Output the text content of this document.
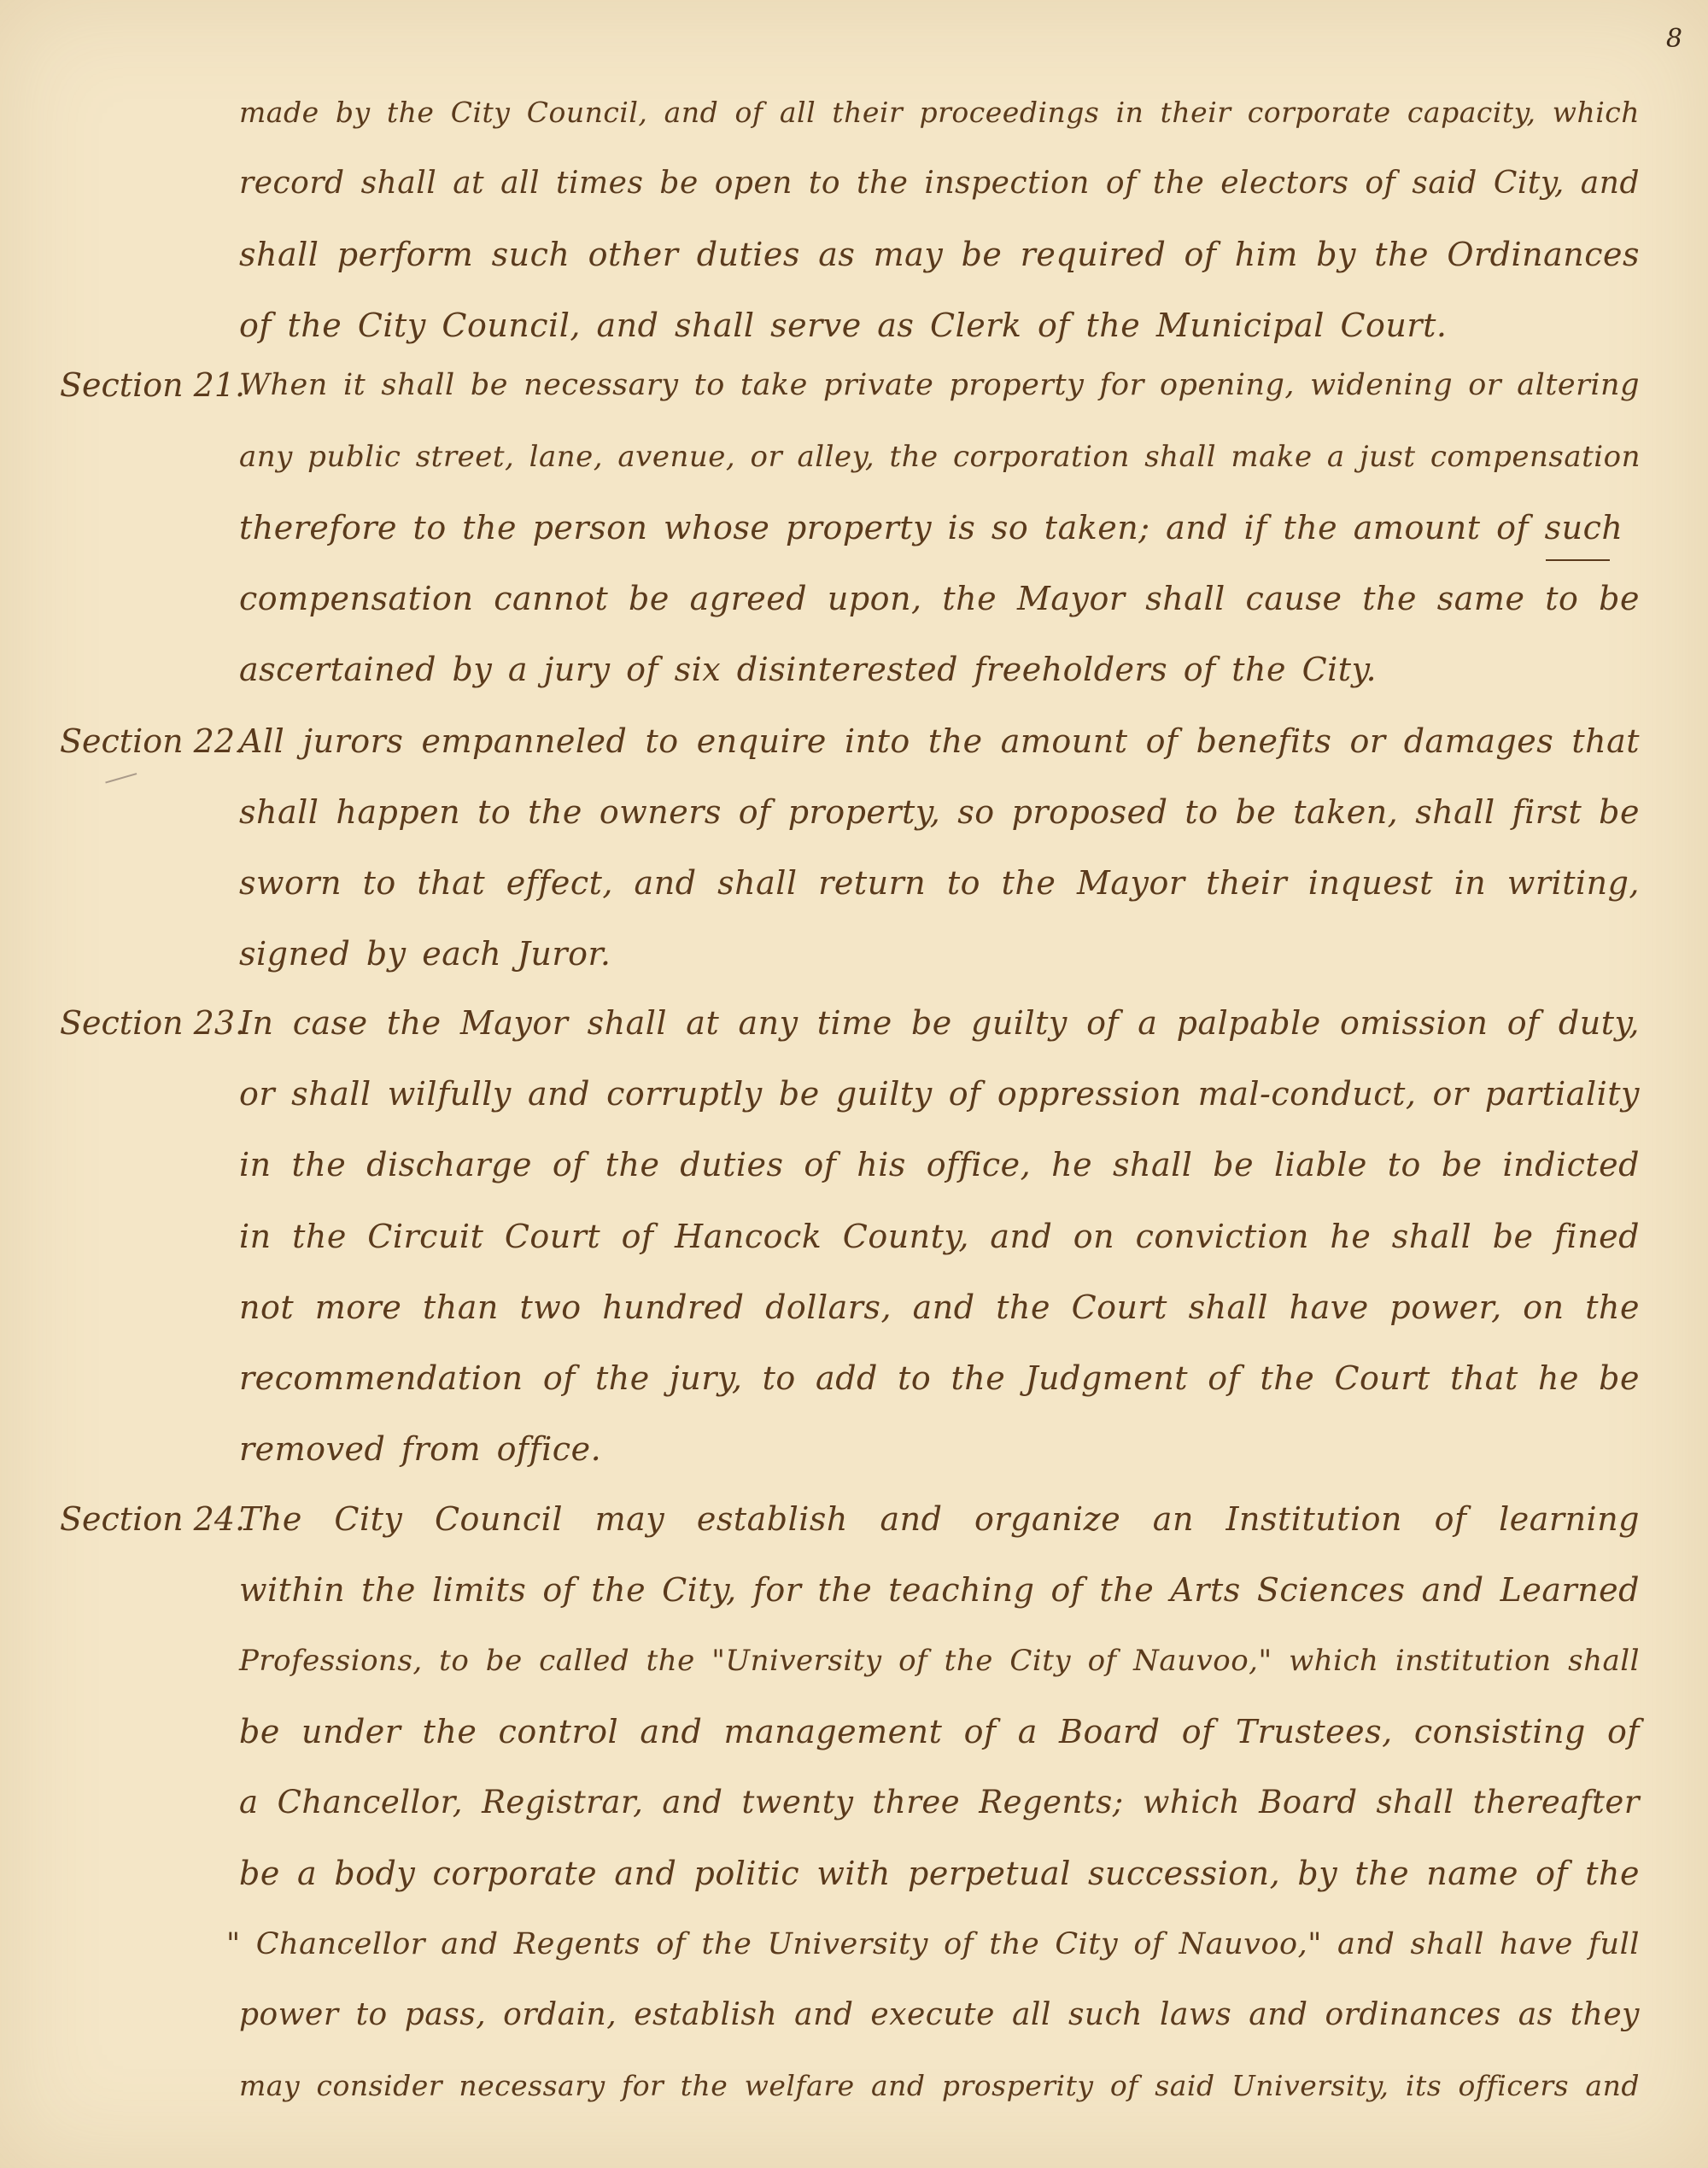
8
Section 21.
Section 22.
Section 23.
Section 24.
made by the City Council, and of all their proceedings in their corporate capacity, which
record shall at all times be open to the inspection of the electors of said City, and
shall perform such other duties as may be required of him by the Ordinances
of the City Council, and shall serve as Clerk of the Municipal Court.
When it shall be necessary to take private property for opening, widening or altering
any public street, lane, avenue, or alley, the corporation shall make a just compensation
therefore to the person whose property is so taken; and if the amount of such
compensation cannot be agreed upon, the Mayor shall cause the same to be
ascertained by a jury of six disinterested freeholders of the City.
All jurors empanneled to enquire into the amount of benefits or damages that
shall happen to the owners of property, so proposed to be taken, shall first be
sworn to that effect, and shall return to the Mayor their inquest in writing,
signed by each Juror.
In case the Mayor shall at any time be guilty of a palpable omission of duty,
or shall wilfully and corruptly be guilty of oppression mal-conduct, or partiality
in the discharge of the duties of his office, he shall be liable to be indicted
in the Circuit Court of Hancock County, and on conviction he shall be fined
not more than two hundred dollars, and the Court shall have power, on the
recommendation of the jury, to add to the Judgment of the Court that he be
removed from office.
The City Council may establish and organize an Institution of learning
within the limits of the City, for the teaching of the Arts Sciences and Learned
Professions, to be called the "University of the City of Nauvoo," which institution shall
be under the control and management of a Board of Trustees, consisting of
a Chancellor, Registrar, and twenty three Regents; which Board shall thereafter
be a body corporate and politic with perpetual succession, by the name of the
" Chancellor and Regents of the University of the City of Nauvoo," and shall have full
power to pass, ordain, establish and execute all such laws and ordinances as they
may consider necessary for the welfare and prosperity of said University, its officers and
